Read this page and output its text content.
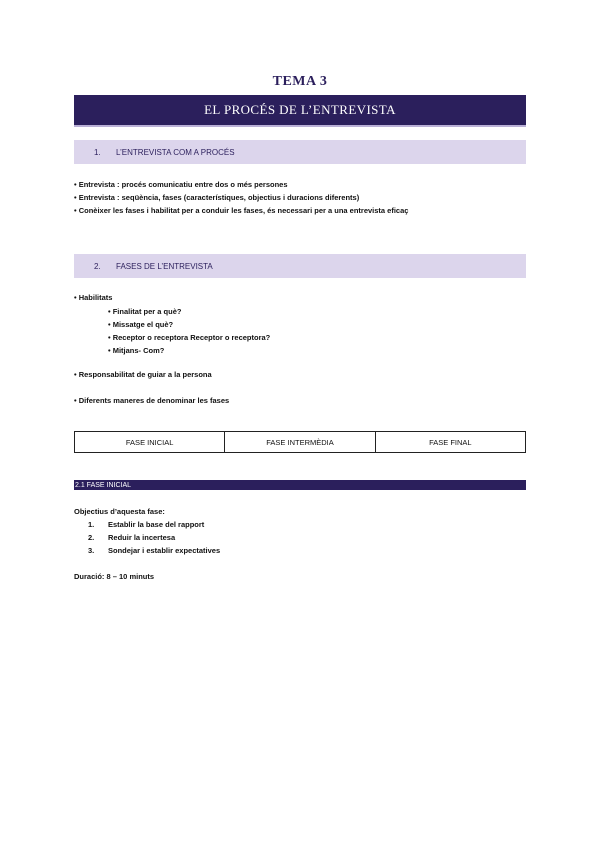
TEMA 3
EL PROCÉS DE L’ENTREVISTA
1.	L’ENTREVISTA COM A PROCÉS
• Entrevista : procés comunicatiu entre dos o més persones
• Entrevista : seqüència, fases (característiques, objectius i duracions diferents)
• Conèixer les fases i habilitat per a conduir les fases, és necessari per a una entrevista eficaç
2.	FASES DE L’ENTREVISTA
• Habilitats
• Finalitat per a què?
• Missatge el què?
• Receptor o receptora Receptor o receptora?
• Mitjans- Com?
• Responsabilitat de guiar a la persona
• Diferents maneres de denominar les fases
FASE INICIAL	FASE INTERMÈDIA	FASE FINAL
2.1 FASE INICIAL
Objectius d’aquesta fase:
1. Establir la base del rapport
2. Reduir la incertesa
3. Sondejar i establir expectatives
Duració: 8 – 10 minuts
